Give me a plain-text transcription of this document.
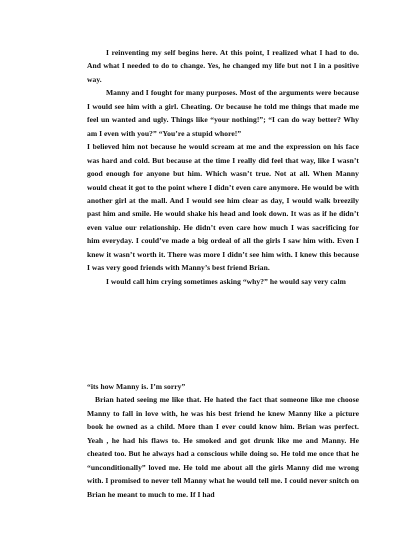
I reinventing my self begins here. At this point, I realized what I had to do. And what I needed to do to change. Yes, he changed my life but not I in a positive way.

Manny and I fought for many purposes. Most of the arguments were because I would see him with a girl. Cheating. Or because he told me things that made me feel un wanted and ugly. Things like “your nothing!”; “I can do way better? Why am I even with you?” “You’re a stupid whore!”

I believed him not because he would scream at me and the expression on his face was hard and cold. But because at the time I really did feel that way, like I wasn’t good enough for anyone but him. Which wasn’t true. Not at all. When Manny would cheat it got to the point where I didn’t even care anymore. He would be with another girl at the mall. And I would see him clear as day, I would walk breezily past him and smile. He would shake his head and look down. It was as if he didn’t even value our relationship. He didn’t even care how much I was sacrificing for him everyday. I could’ve made a big ordeal of all the girls I saw him with. Even I knew it wasn’t worth it. There was more I didn’t see him with. I knew this because I was very good friends with Manny’s best friend Brian.

I would call him crying sometimes asking “why?” he would say very calm

“its how Manny is. I’m sorry”

Brian hated seeing me like that. He hated the fact that someone like me choose Manny to fall in love with, he was his best friend he knew Manny like a picture book he owned as a child. More than I ever could know him. Brian was perfect. Yeah , he had his flaws to. He smoked and got drunk like me and Manny. He cheated too. But he always had a conscious while doing so. He told me once that he “unconditionally” loved me. He told me about all the girls Manny did me wrong with. I promised to never tell Manny what he would tell me. I could never snitch on Brian he meant to much to me. If I had
